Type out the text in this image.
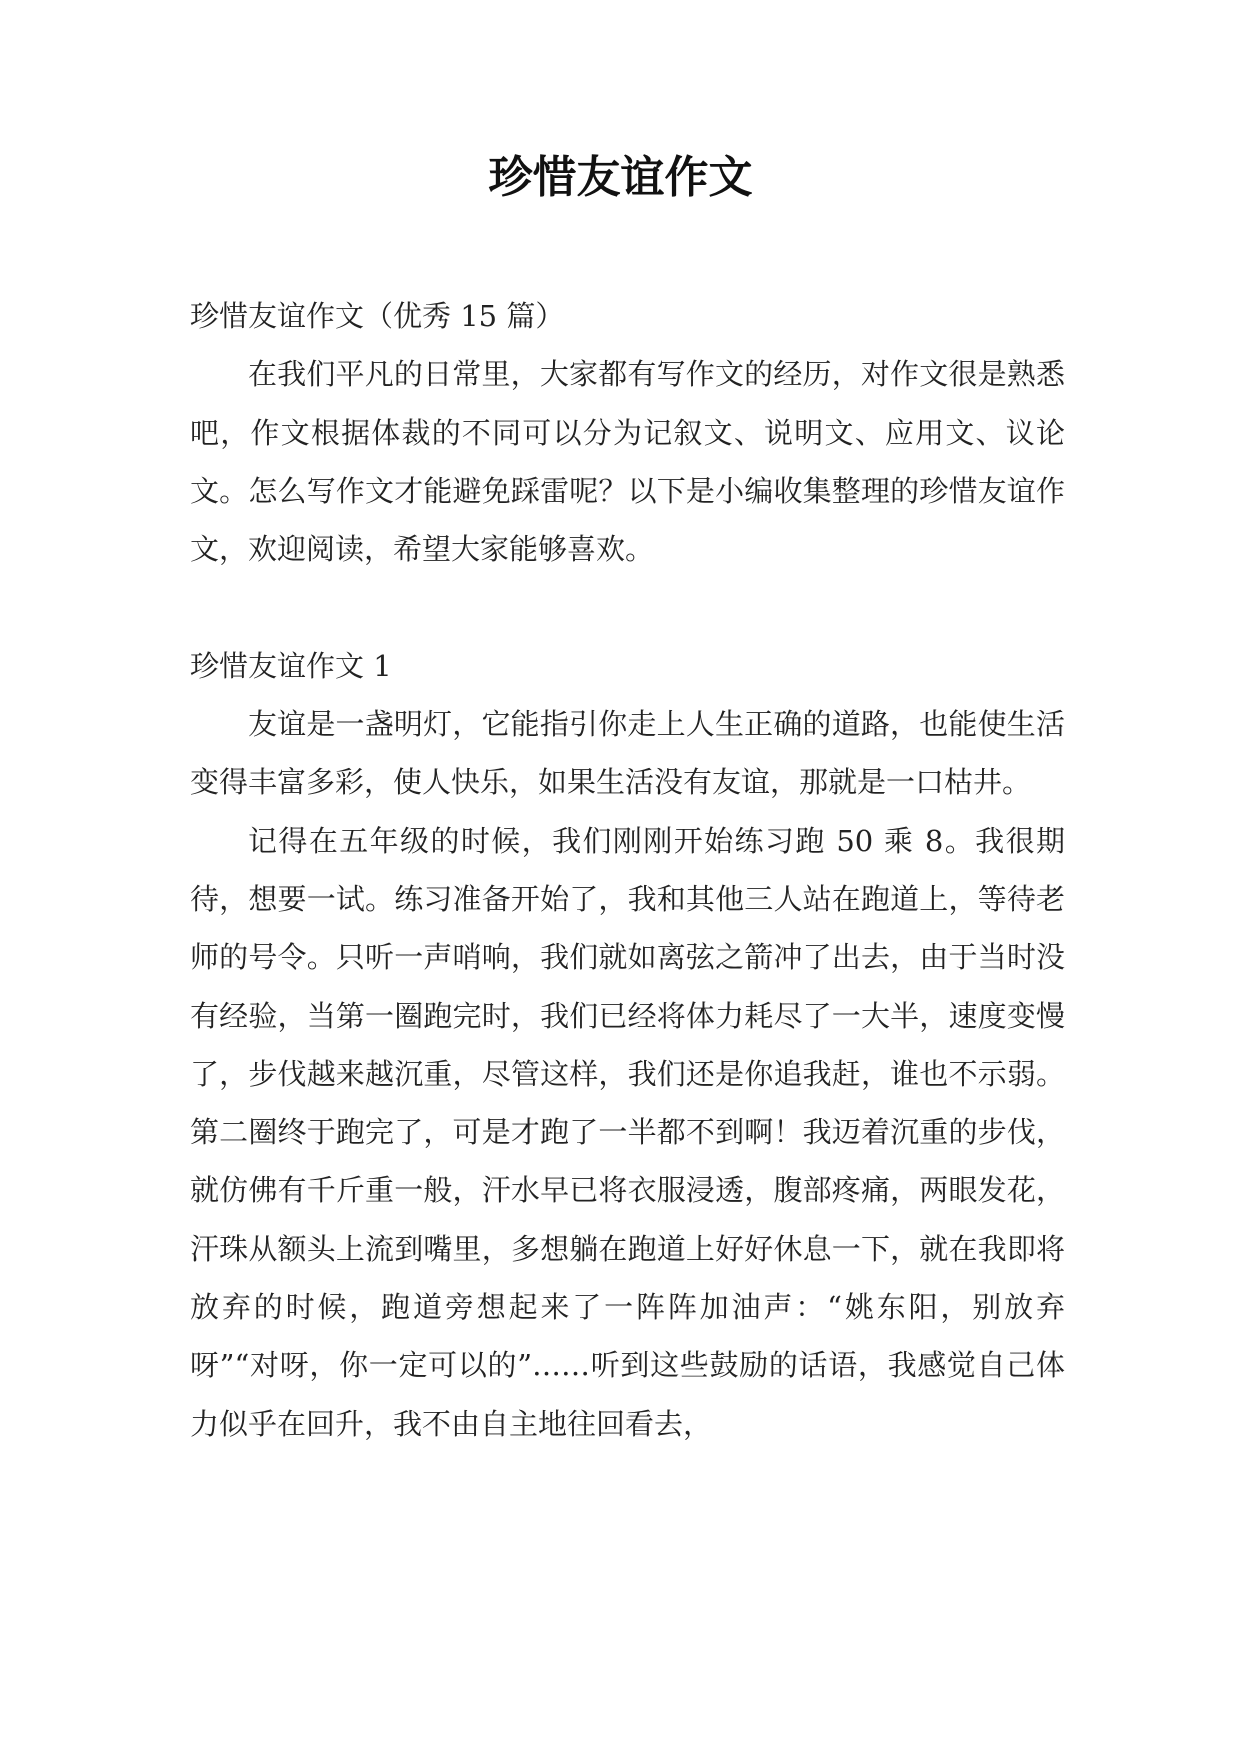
珍惜友谊作文

珍惜友谊作文（优秀 15 篇）

在我们平凡的日常里，大家都有写作文的经历，对作文很是熟悉吧，作文根据体裁的不同可以分为记叙文、说明文、应用文、议论文。怎么写作文才能避免踩雷呢？以下是小编收集整理的珍惜友谊作文，欢迎阅读，希望大家能够喜欢。

珍惜友谊作文 1

友谊是一盏明灯，它能指引你走上人生正确的道路，也能使生活变得丰富多彩，使人快乐，如果生活没有友谊，那就是一口枯井。

记得在五年级的时候，我们刚刚开始练习跑 50 乘 8。我很期待，想要一试。练习准备开始了，我和其他三人站在跑道上，等待老师的号令。只听一声哨响，我们就如离弦之箭冲了出去，由于当时没有经验，当第一圈跑完时，我们已经将体力耗尽了一大半，速度变慢了，步伐越来越沉重，尽管这样，我们还是你追我赶，谁也不示弱。第二圈终于跑完了，可是才跑了一半都不到啊！我迈着沉重的步伐，就仿佛有千斤重一般，汗水早已将衣服浸透，腹部疼痛，两眼发花，汗珠从额头上流到嘴里，多想躺在跑道上好好休息一下，就在我即将放弃的时候，跑道旁想起来了一阵阵加油声：“姚东阳，别放弃呀”“对呀，你一定可以的”……听到这些鼓励的话语，我感觉自己体力似乎在回升，我不由自主地往回看去，
